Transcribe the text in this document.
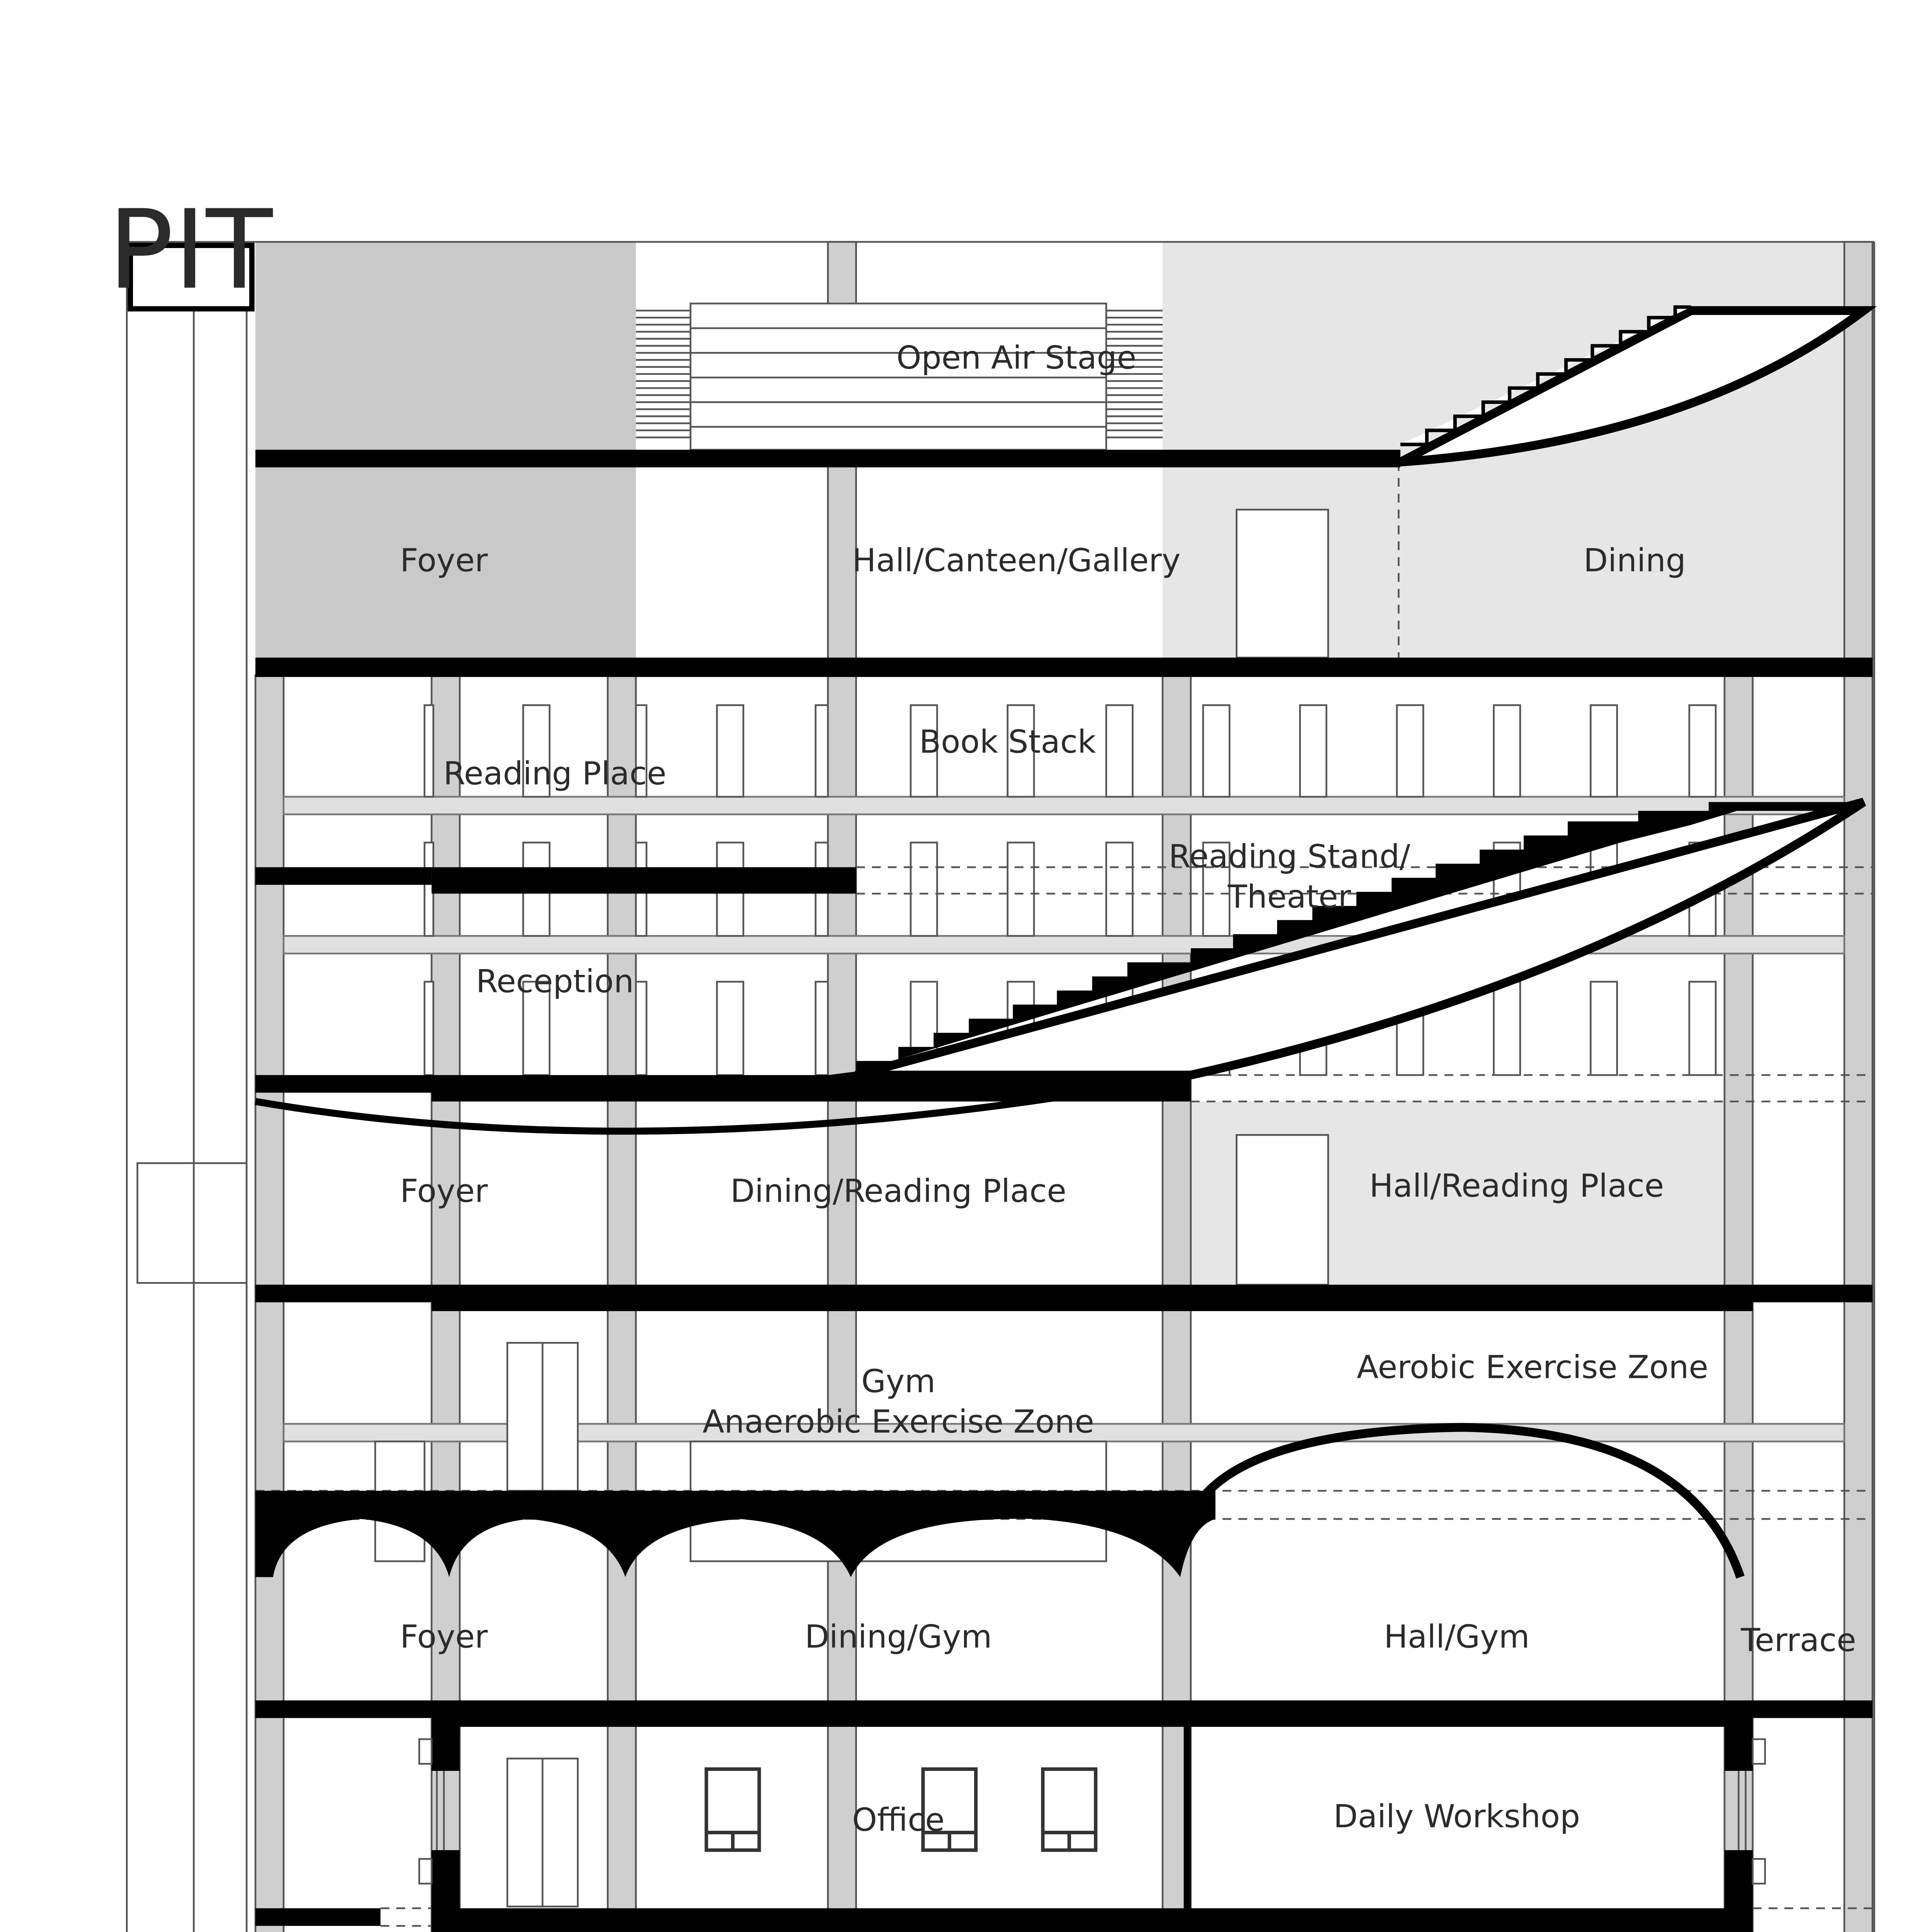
PIT
Open Air Stage
Foyer	Hall/Canteen/Gallery	Dining
Book Stack
Reading Place
Reading Stand/
Theater
Reception
Foyer	Dining/Reading Place	Hall/Reading Place
Gym
Anaerobic Exercise Zone
Aerobic Exercise Zone
Foyer	Dining/Gym	Hall/Gym	Terrace
Office	Daily Workshop
